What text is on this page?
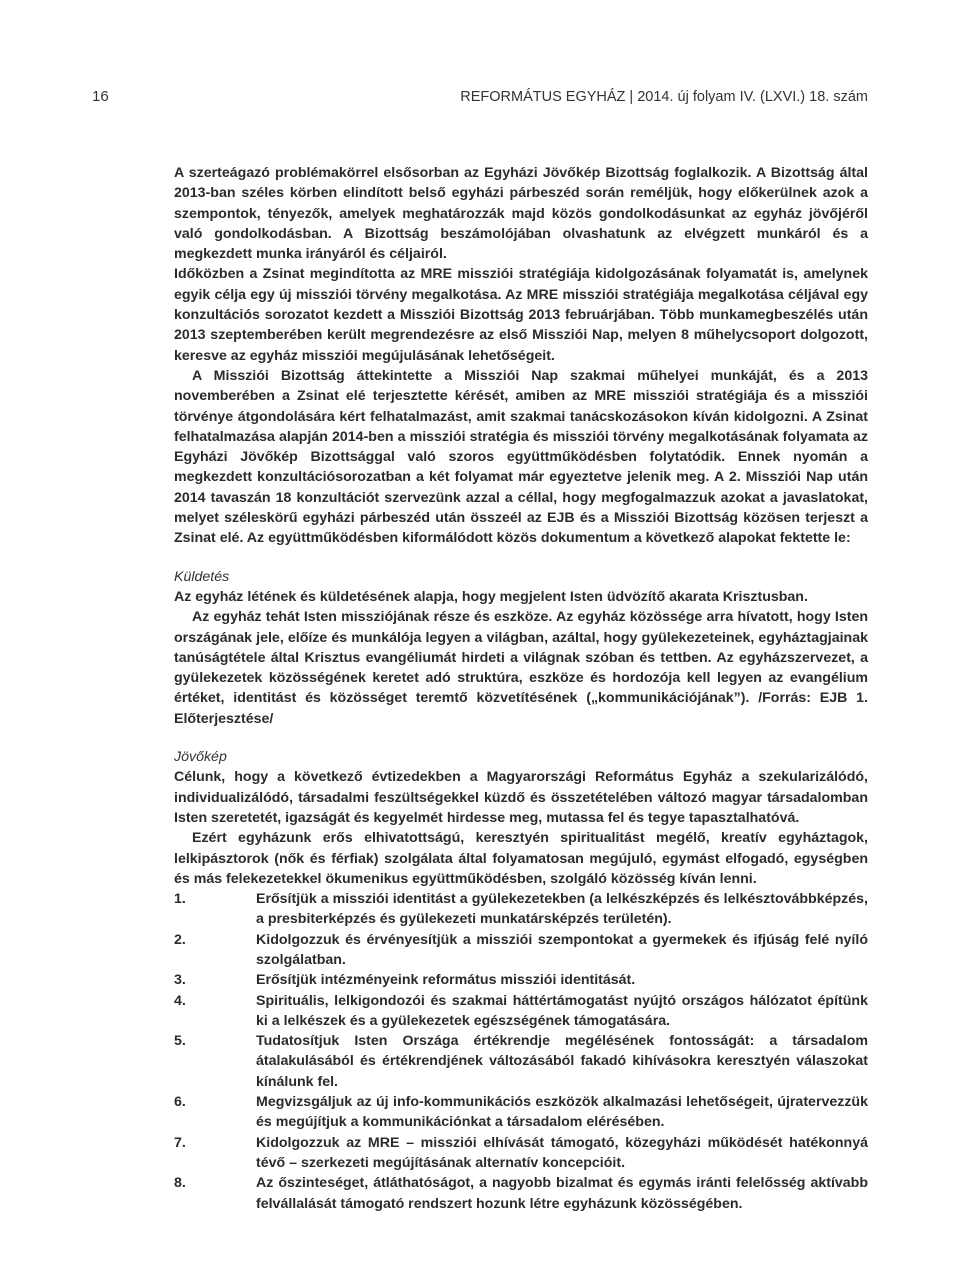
16	REFORMÁTUS EGYHÁZ | 2014. új folyam IV. (LXVI.) 18. szám

A szerteágazó problémakörrel elsősorban az Egyházi Jövőkép Bizottság foglalkozik. A Bizottság által 2013-ban széles körben elindított belső egyházi párbeszéd során reméljük, hogy előkerülnek azok a szempontok, tényezők, amelyek meghatározzák majd közös gondolkodásunkat az egyház jövőjéről való gondolkodásban. A Bizottság beszámolójában olvashatunk az elvégzett munkáról és a megkezdett munka irányáról és céljairól.

Időközben a Zsinat megindította az MRE missziói stratégiája kidolgozásának folyamatát is, amelynek egyik célja egy új missziói törvény megalkotása. Az MRE missziói stratégiája megalkotása céljával egy konzultációs sorozatot kezdett a Missziói Bizottság 2013 februárjában. Több munkamegbeszélés után 2013 szeptemberében került megrendezésre az első Missziói Nap, melyen 8 műhelycsoport dolgozott, keresve az egyház missziói megújulásának lehetőségeit.

A Missziói Bizottság áttekintette a Missziói Nap szakmai műhelyei munkáját, és a 2013 novemberében a Zsinat elé terjesztette kérését, amiben az MRE missziói stratégiája és a missziói törvénye átgondolására kért felhatalmazást, amit szakmai tanácskozásokon kíván kidolgozni. A Zsinat felhatalmazása alapján 2014-ben a missziói stratégia és missziói törvény megalkotásának folyamata az Egyházi Jövőkép Bizottsággal való szoros együttműködésben folytatódik. Ennek nyomán a megkezdett konzultációsorozatban a két folyamat már egyeztetve jelenik meg. A 2. Missziói Nap után 2014 tavaszán 18 konzultációt szervezünk azzal a céllal, hogy megfogalmazzuk azokat a javaslatokat, melyet széleskörű egyházi párbeszéd után összeél az EJB és a Missziói Bizottság közösen terjeszt a Zsinat elé. Az együttműködésben kiformálódott közös dokumentum a következő alapokat fektette le:

Küldetés

Az egyház létének és küldetésének alapja, hogy megjelent Isten üdvözítő akarata Krisztusban.

Az egyház tehát Isten missziójának része és eszköze. Az egyház közössége arra hívatott, hogy Isten országának jele, előíze és munkálója legyen a világban, azáltal, hogy gyülekezeteinek, egyháztagjainak tanúságtétele által Krisztus evangéliumát hirdeti a világnak szóban és tettben. Az egyházszervezet, a gyülekezetek közösségének keretet adó struktúra, eszköze és hordozója kell legyen az evangélium értéket, identitást és közösséget teremtő közvetítésének („kommunikációjának”). /Forrás: EJB 1. Előterjesztése/

Jövőkép

Célunk, hogy a következő évtizedekben a Magyarországi Református Egyház a szekularizálódó, individualizálódó, társadalmi feszültségekkel küzdő és összetételében változó magyar társadalomban Isten szeretetét, igazságát és kegyelmét hirdesse meg, mutassa fel és tegye tapasztalhatóvá.

Ezért egyházunk erős elhivatottságú, keresztyén spiritualitást megélő, kreatív egyháztagok, lelkipásztorok (nők és férfiak) szolgálata által folyamatosan megújuló, egymást elfogadó, egységben és más felekezetekkel ökumenikus együttműködésben, szolgáló közösség kíván lenni.

1.	Erősítjük a missziói identitást a gyülekezetekben (a lelkészképzés és lelkésztovábbképzés, a presbiterképzés és gyülekezeti munkatársképzés területén).
2.	Kidolgozzuk és érvényesítjük a missziói szempontokat a gyermekek és ifjúság felé nyíló szolgálatban.
3.	Erősítjük intézményeink református missziói identitását.
4.	Spirituális, lelkigondozói és szakmai háttértámogatást nyújtó országos hálózatot építünk ki a lelkészek és a gyülekezetek egészségének támogatására.
5.	Tudatosítjuk Isten Országa értékrendje megélésének fontosságát: a társadalom átalakulásából és értékrendjének változásából fakadó kihívásokra keresztyén válaszokat kínálunk fel.
6.	Megvizsgáljuk az új info-kommunikációs eszközök alkalmazási lehetőségeit, újratervezzük és megújítjuk a kommunikációnkat a társadalom elérésében.
7.	Kidolgozzuk az MRE – missziói elhívását támogató, közegyházi működését hatékonnyá tévő – szerkezeti megújításának alternatív koncepcióit.
8.	Az őszinteséget, átláthatóságot, a nagyobb bizalmat és egymás iránti felelősség aktívabb felvállalását támogató rendszert hozunk létre egyházunk közösségében.
